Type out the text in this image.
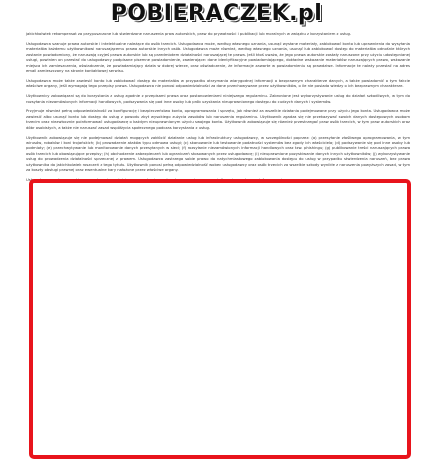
POBIERACZEK.pl

jakichkolwiek rekompensat za przypuszczone lub stwierdzone naruszenia praw autorskich, praw do prywatności i publikacji lub moralnych w związku z korzystaniem z usług.

Usługodawca szanuje prawa autorskie i intelektualne należące do osób trzecich. Usługodawca może, według własnego uznania, usunąć wysłane materiały, zablokować konto lub uprawnienia do wysyłania materiałów każdemu użytkownikowi naruszającemu prawa autorskie innych osób. Usługodawca może również, według własnego uznania, usunąć lub zablokować dostęp do materiałów odnośnie których zostanie powiadomiony, że naruszają czyjeś prawa autorskie lub są przedmiotem działalności naruszającej te prawa. Jeśli ktoś uważa, że jego prawa autorskie zostały naruszone przy użyciu udostępnianej usługi, powinien on przesłać do usługodawcy podpisane pisemne powiadomienie, zawierające: dane identyfikacyjne powiadamiającego, dokładne wskazanie materiałów naruszających prawo, wskazanie miejsca ich zamieszczenia, oświadczenie, że powiadamiający działa w dobrej wierze, oraz oświadczenie, że informacje zawarte w powiadomieniu są prawdziwe. Informacje te należy przesłać na adres email zamieszczony na stronie kontaktowej serwisu.

Usługodawca może także zawiesić konto lub zablokować dostęp do materiałów w przypadku otrzymania wiarygodnej informacji o bezprawnym charakterze danych, a także powiadomić o tym fakcie właściwe organy, jeśli wymagają tego przepisy prawa. Usługodawca nie ponosi odpowiedzialności za dane przechowywane przez użytkowników, o ile nie posiada wiedzy o ich bezprawnym charakterze.

Użytkownicy zobowiązani są do korzystania z usług zgodnie z przepisami prawa oraz postanowieniami niniejszego regulaminu. Zabronione jest wykorzystywanie usług do działań szkodliwych, w tym do rozsyłania niezamówionych informacji handlowych, podszywania się pod inne osoby lub prób uzyskania nieuprawnionego dostępu do cudzych danych i systemów.

Przyjmuje również pełną odpowiedzialność za konfigurację i bezpieczeństwo konta, oprogramowania i sprzętu, jak również za wszelkie działania podejmowane przy użyciu jego konta. Usługodawca może zawiesić albo usunąć konto lub dostęp do usług z powodu zbyt wysokiego zużycia zasobów lub naruszenia regulaminu. Użytkownik zgadza się nie przekazywać swoich danych dostępowych osobom trzecim oraz niezwłocznie poinformować usługodawcę o każdym nieuprawnionym użyciu swojego konta. Użytkownik zobowiązuje się również przestrzegać praw osób trzecich, w tym praw autorskich oraz dóbr osobistych, a także nie naruszać zasad współżycia społecznego podczas korzystania z usług.

Użytkownik zobowiązuje się nie podejmować działań mogących zakłócić działanie usług lub infrastruktury usługodawcy, w szczególności poprzez: (a) przesyłanie złośliwego oprogramowania, w tym wirusów, robaków i koni trojańskich; (b) prowadzenie ataków typu odmowa usługi; (c) skanowanie lub testowanie podatności systemów bez zgody ich właściciela; (d) podszywanie się pod inne osoby lub podmioty; (e) przechwytywanie lub monitorowanie danych przesyłanych w sieci; (f) rozsyłanie niezamówionych informacji handlowych oraz tzw. phishingu; (g) publikowanie treści naruszających prawa osób trzecich lub obowiązujące przepisy; (h) obchodzenie zabezpieczeń lub ograniczeń stosowanych przez usługodawcę; (i) nieuprawnione pozyskiwanie danych innych użytkowników; (j) wykorzystywanie usług do prowadzenia działalności sprzecznej z prawem. Usługodawca zastrzega sobie prawo do natychmiastowego zablokowania dostępu do usług w przypadku stwierdzenia naruszeń, bez prawa użytkownika do jakichkolwiek roszczeń z tego tytułu. Użytkownik ponosi pełną odpowiedzialność wobec usługodawcy oraz osób trzecich za wszelkie szkody wynikłe z naruszenia powyższych zasad, w tym za koszty obsługi prawnej oraz ewentualne kary nałożone przez właściwe organy.

Usługodawca zastrzega sobie prawo do zmiany niniejszego regulaminu w dowolnym czasie, o czym użytkownicy zostaną poinformowani.
